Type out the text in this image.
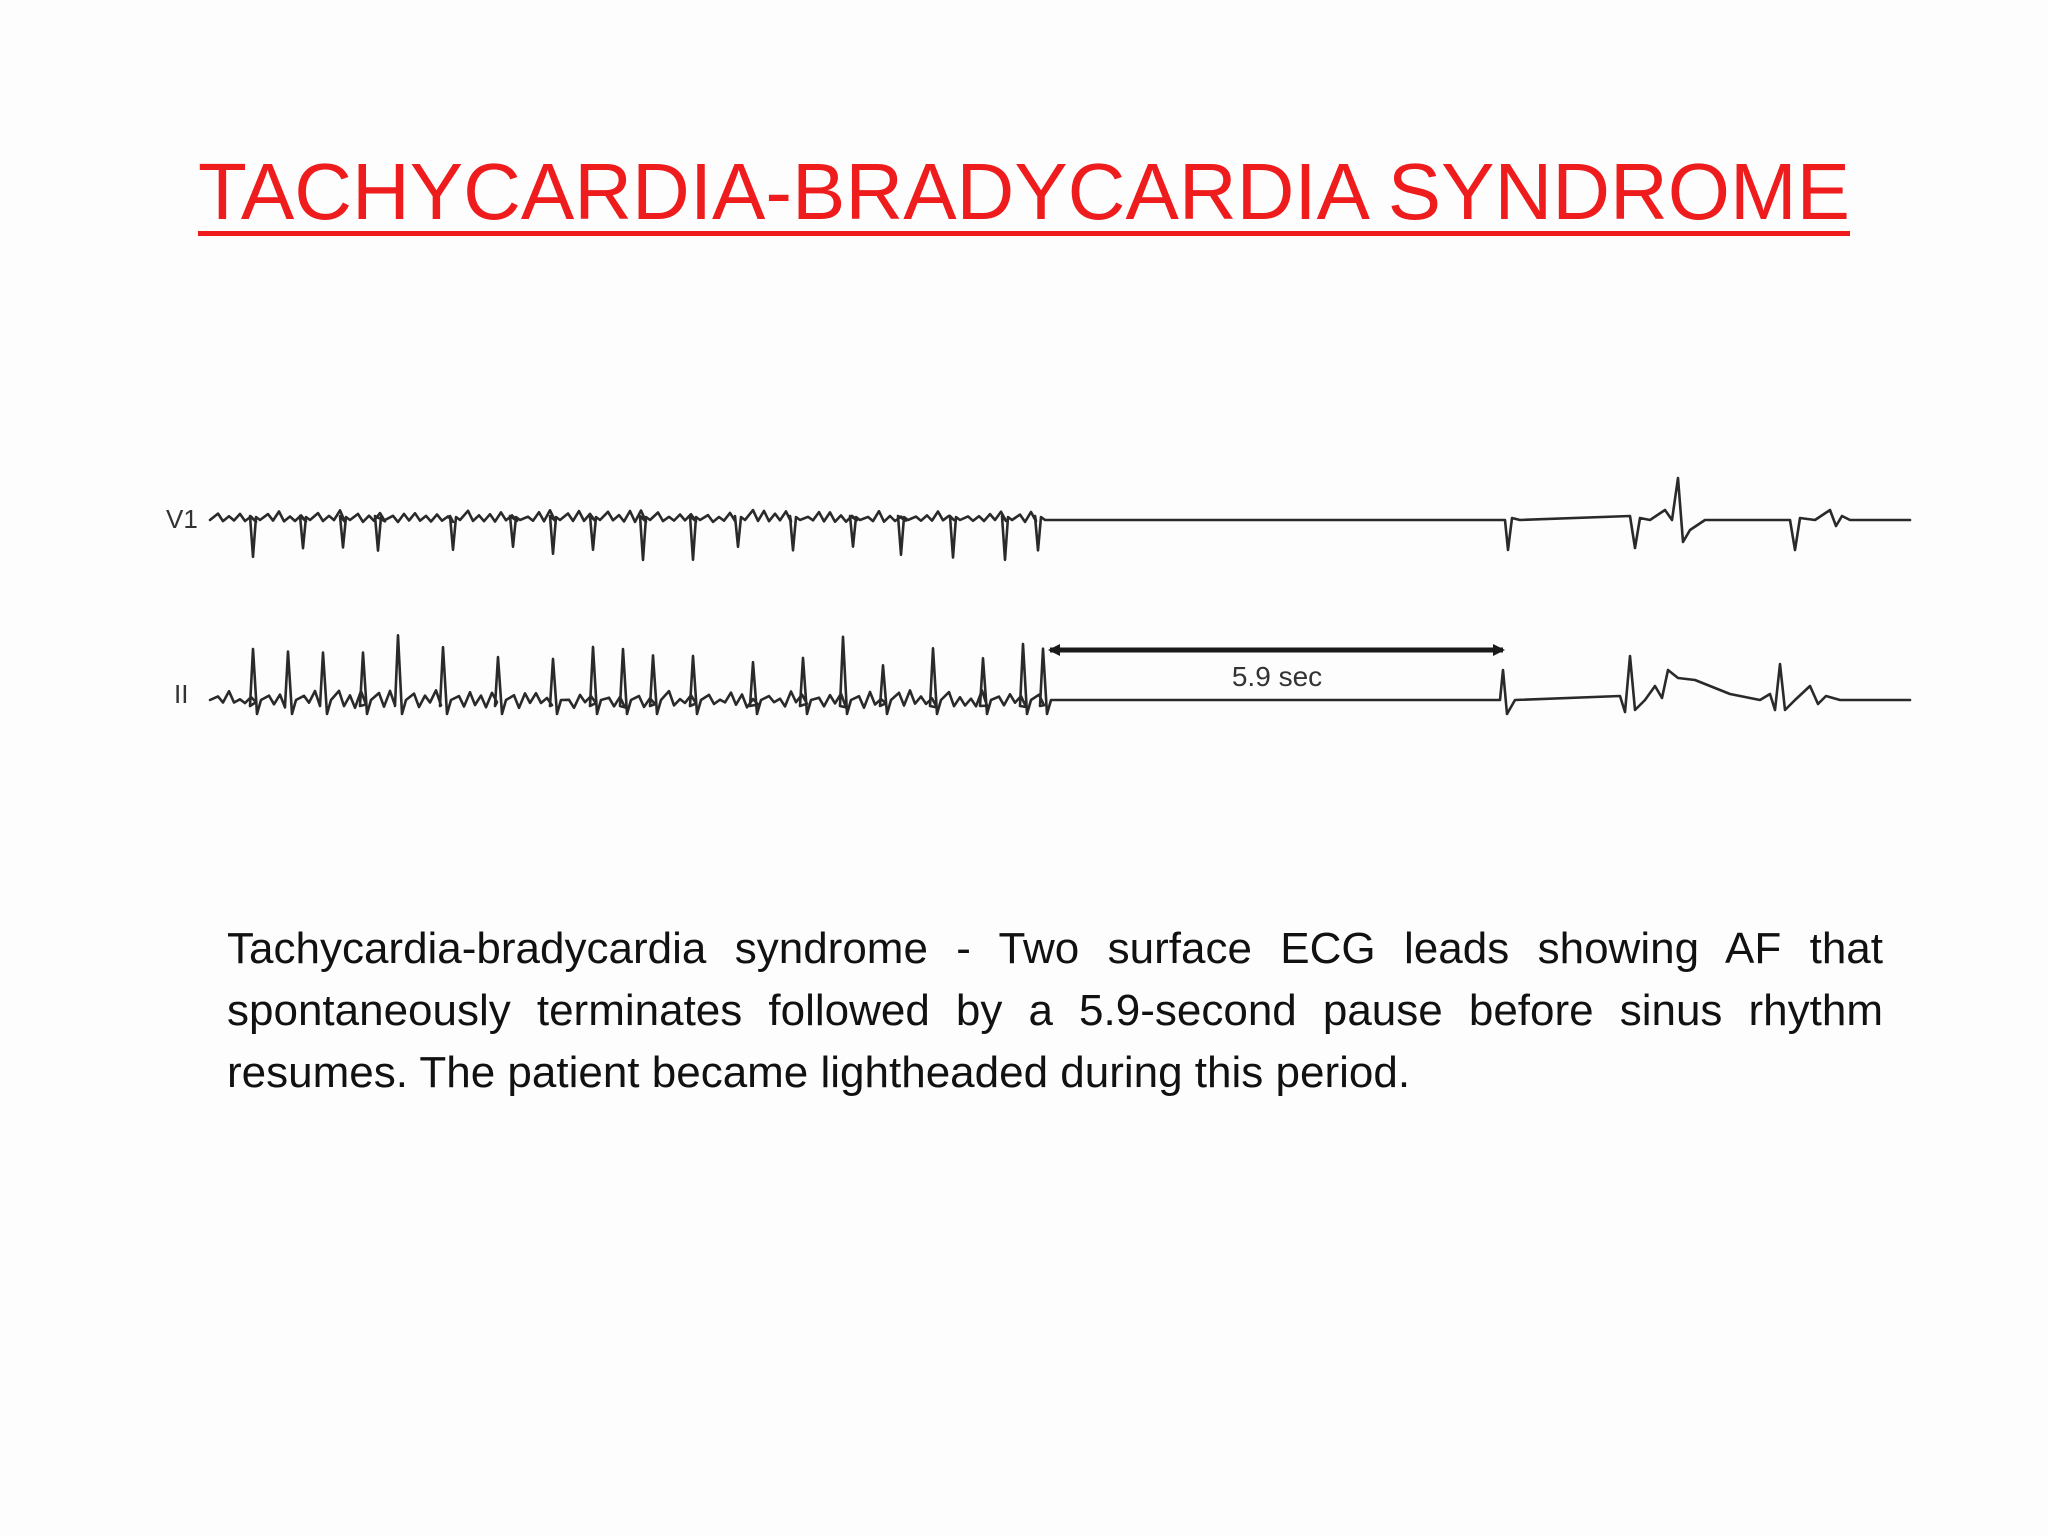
TACHYCARDIA-BRADYCARDIA SYNDROME
V1
II
5.9 sec

Tachycardia-bradycardia syndrome - Two surface ECG leads showing AF that spontaneously terminates followed by a 5.9-second pause before sinus rhythm resumes. The patient became lightheaded during this period.
